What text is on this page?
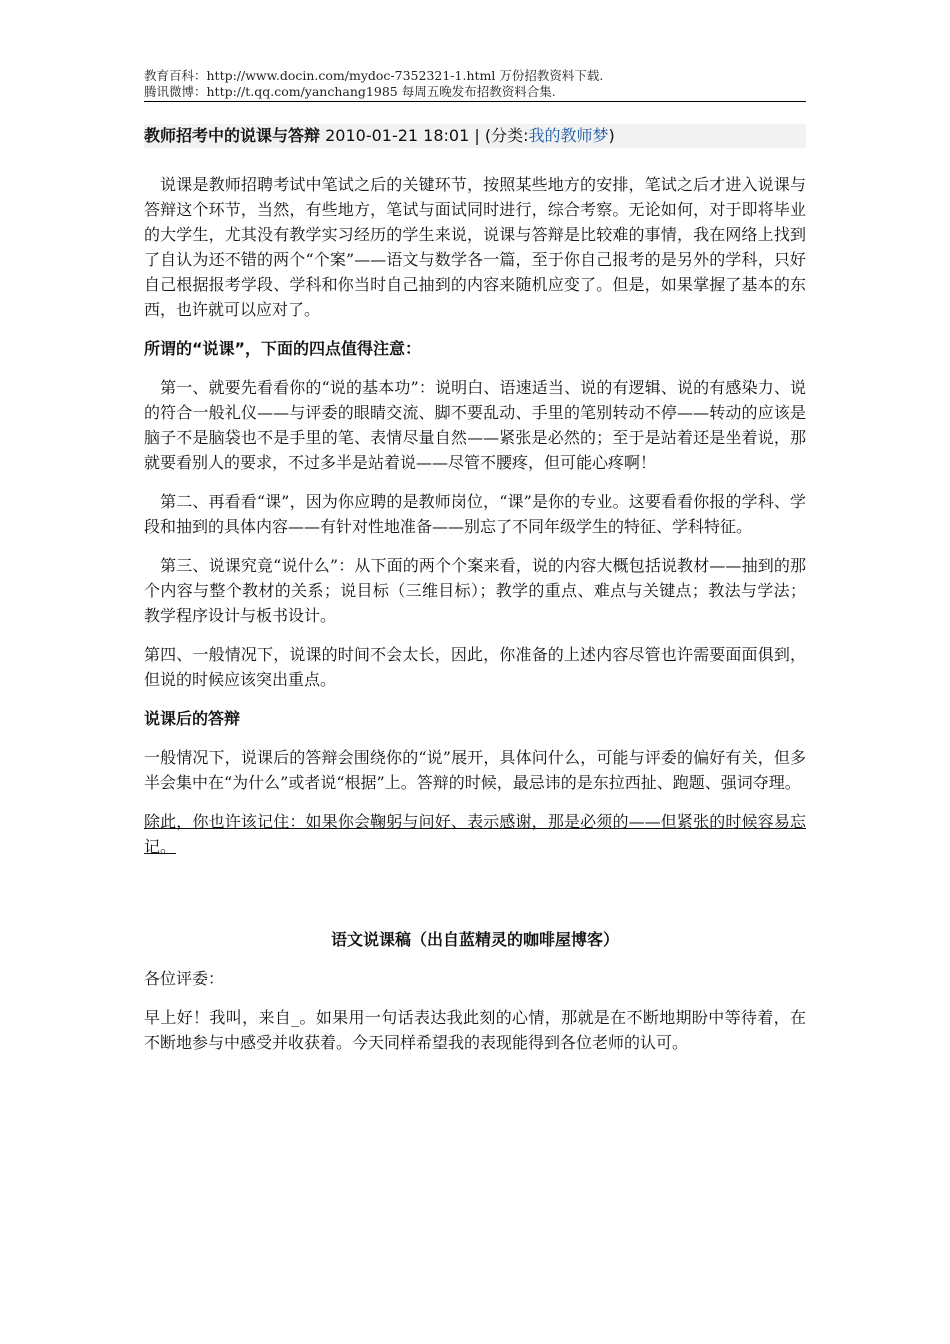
教育百科：http://www.docin.com/mydoc-7352321-1.html 万份招教资料下载.
腾讯微博：http://t.qq.com/yanchang1985 每周五晚发布招教资料合集.
教师招考中的说课与答辩 2010-01-21 18:01 | (分类:我的教师梦)

　说课是教师招聘考试中笔试之后的关键环节，按照某些地方的安排，笔试之后才进入说课与答辩这个环节，当然，有些地方，笔试与面试同时进行，综合考察。无论如何，对于即将毕业的大学生，尤其没有教学实习经历的学生来说，说课与答辩是比较难的事情，我在网络上找到了自认为还不错的两个“个案”——语文与数学各一篇，至于你自己报考的是另外的学科，只好自己根据报考学段、学科和你当时自己抽到的内容来随机应变了。但是，如果掌握了基本的东西，也许就可以应对了。

所谓的“说课”，下面的四点值得注意：

　第一、就要先看看你的“说的基本功”：说明白、语速适当、说的有逻辑、说的有感染力、说的符合一般礼仪——与评委的眼睛交流、脚不要乱动、手里的笔别转动不停——转动的应该是脑子不是脑袋也不是手里的笔、表情尽量自然——紧张是必然的；至于是站着还是坐着说，那就要看别人的要求，不过多半是站着说——尽管不腰疼，但可能心疼啊！

　第二、再看看“课”，因为你应聘的是教师岗位，“课”是你的专业。这要看看你报的学科、学段和抽到的具体内容——有针对性地准备——别忘了不同年级学生的特征、学科特征。

　第三、说课究竟“说什么”：从下面的两个个案来看，说的内容大概包括说教材——抽到的那个内容与整个教材的关系；说目标（三维目标）；教学的重点、难点与关键点；教法与学法；教学程序设计与板书设计。

第四、一般情况下，说课的时间不会太长，因此，你准备的上述内容尽管也许需要面面俱到，但说的时候应该突出重点。

说课后的答辩

一般情况下，说课后的答辩会围绕你的“说”展开，具体问什么，可能与评委的偏好有关，但多半会集中在“为什么”或者说“根据”上。答辩的时候，最忌讳的是东拉西扯、跑题、强词夺理。

除此，你也许该记住：如果你会鞠躬与问好、表示感谢，那是必须的——但紧张的时候容易忘记。

语文说课稿（出自蓝精灵的咖啡屋博客）

各位评委：

早上好！我叫，来自_。如果用一句话表达我此刻的心情，那就是在不断地期盼中等待着，在不断地参与中感受并收获着。今天同样希望我的表现能得到各位老师的认可。
